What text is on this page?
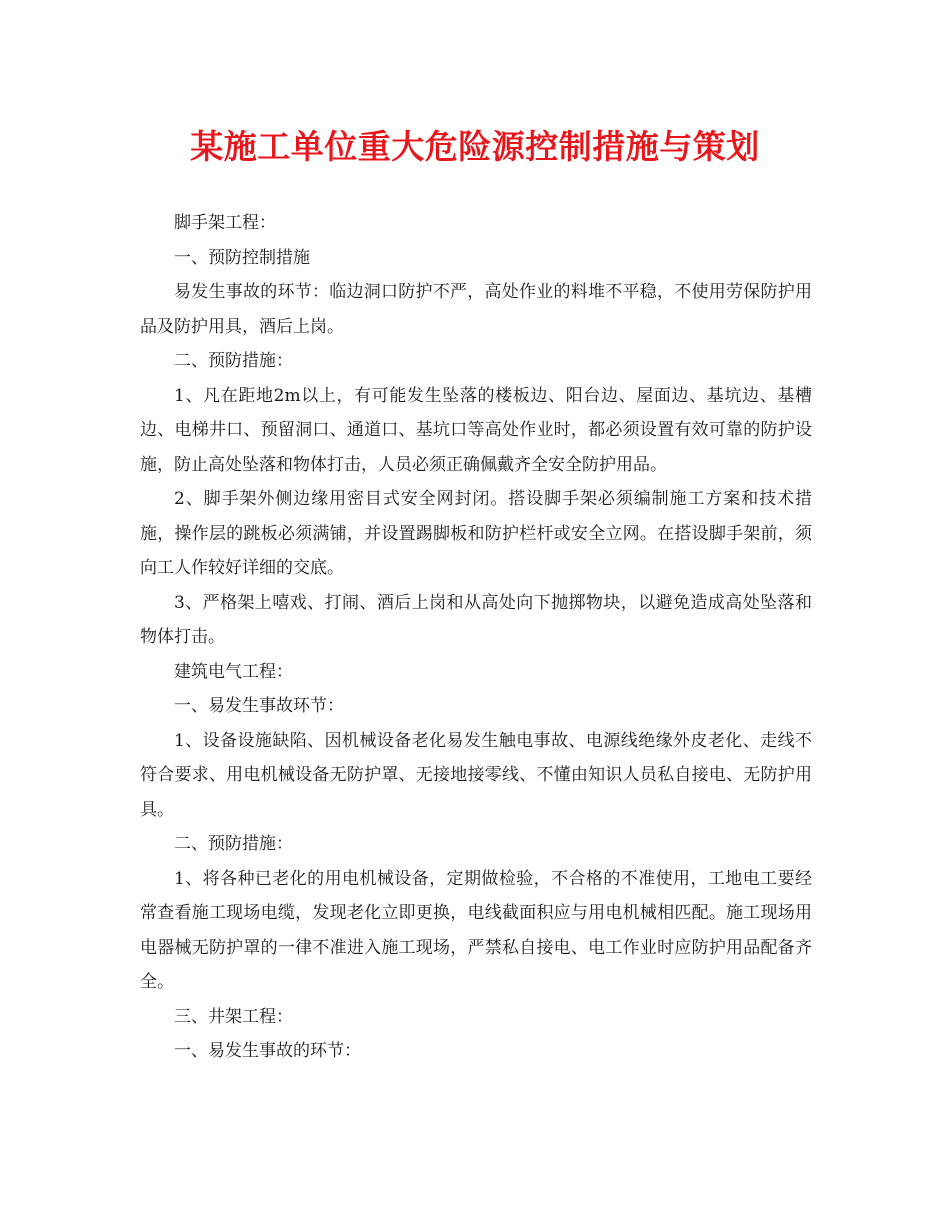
某施工单位重大危险源控制措施与策划

脚手架工程：

一、预防控制措施

易发生事故的环节：临边洞口防护不严，高处作业的料堆不平稳，不使用劳保防护用品及防护用具，酒后上岗。

二、预防措施：

1、凡在距地2m以上，有可能发生坠落的楼板边、阳台边、屋面边、基坑边、基槽边、电梯井口、预留洞口、通道口、基坑口等高处作业时，都必须设置有效可靠的防护设施，防止高处坠落和物体打击，人员必须正确佩戴齐全安全防护用品。

2、脚手架外侧边缘用密目式安全网封闭。搭设脚手架必须编制施工方案和技术措施，操作层的跳板必须满铺，并设置踢脚板和防护栏杆或安全立网。在搭设脚手架前，须向工人作较好详细的交底。

3、严格架上嘻戏、打闹、酒后上岗和从高处向下抛掷物块，以避免造成高处坠落和物体打击。

建筑电气工程：

一、易发生事故环节：

1、设备设施缺陷、因机械设备老化易发生触电事故、电源线绝缘外皮老化、走线不符合要求、用电机械设备无防护罩、无接地接零线、不懂由知识人员私自接电、无防护用具。

二、预防措施：

1、将各种已老化的用电机械设备，定期做检验，不合格的不准使用，工地电工要经常查看施工现场电缆，发现老化立即更换，电线截面积应与用电机械相匹配。施工现场用电器械无防护罩的一律不准进入施工现场，严禁私自接电、电工作业时应防护用品配备齐全。

三、井架工程：

一、易发生事故的环节：
